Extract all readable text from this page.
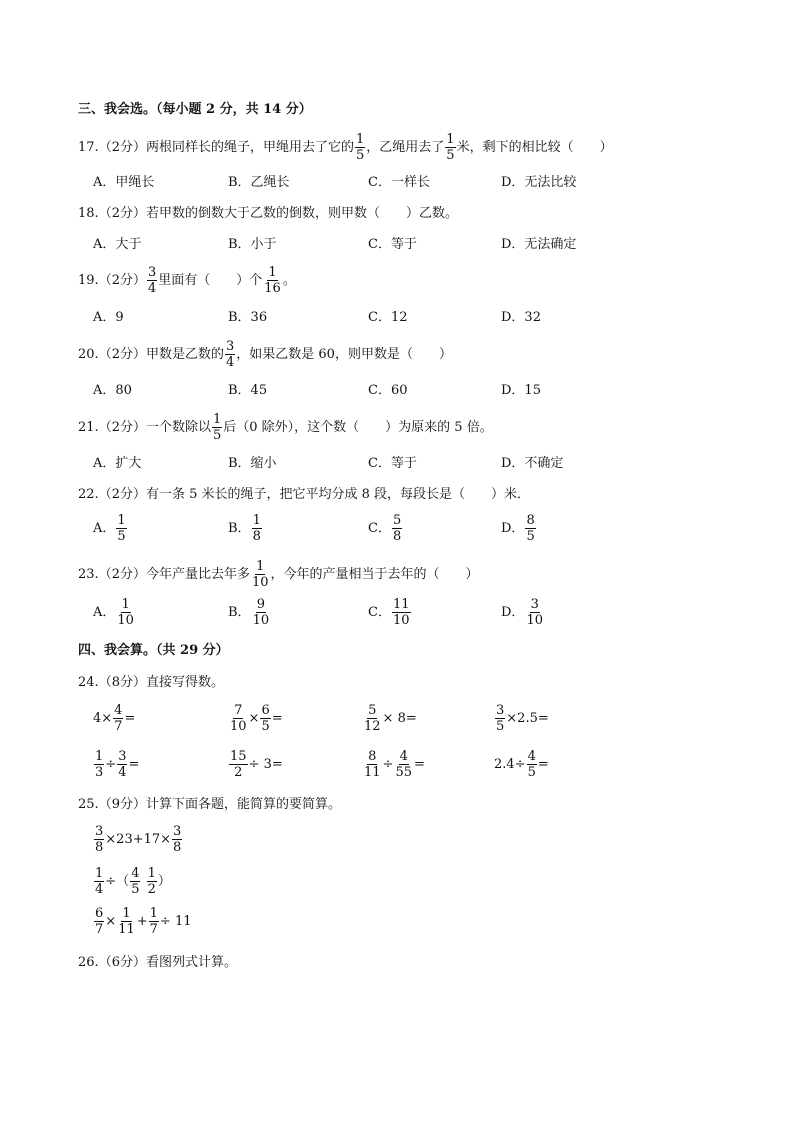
三、我会选。（每小题 2 分，共 14 分）
17. （2分） 两根同样长的绳子，甲绳用去了它的 $\frac{1}{5}$ ，乙绳用去了 $\frac{1}{5}$ 米，剩下的相比较（　　）
A．甲绳长	B．乙绳长	C．一样长	D．无法比较
18.（2分）若甲数的倒数大于乙数的倒数，则甲数（　　）乙数。
A．大于	B．小于	C．等于	D．无法确定
19. （2分） $\frac{3}{4}$ 里面有（　　）个 $\frac{1}{16}$ 。
A．9	B．36	C．12	D．32
20. （2分） 甲数是乙数的 $\frac{3}{4}$ ，如果乙数是 60，则甲数是（　　）
A．80	B．45	C．60	D．15
21. （2分） 一个数除以 $\frac{1}{5}$ 后（0 除外），这个数（　　）为原来的 5 倍。
A．扩大	B．缩小	C．等于	D．不确定
22.（2分）有一条 5 米长的绳子，把它平均分成 8 段，每段长是（　　）米．
A． $\frac{1}{5}$	B． $\frac{1}{8}$	C． $\frac{5}{8}$	D． $\frac{8}{5}$
23. （2分） 今年产量比去年多 $\frac{1}{10}$ ，今年的产量相当于去年的（　　）
A． $\frac{1}{10}$	B． $\frac{9}{10}$	C． $\frac{11}{10}$	D． $\frac{3}{10}$
四、我会算。（共 29 分）
24.（8分）直接写得数。
$4\times \frac{4}{7}$ =	$\frac{7}{10} \times \frac{6}{5}$ =	$\frac{5}{12} \times 8=$	$\frac{3}{5} \times 2.5=$
$\frac{1}{3} \div \frac{3}{4}$ =	$\frac{15}{2} \div 3=$	$\frac{8}{11} \div \frac{4}{55}$ =	$2.4\div \frac{4}{5}$ =
25.（9分）计算下面各题，能简算的要简算。
$\frac{3}{8} \times 23+17\times \frac{3}{8}$
$\frac{1}{4}$ ÷（ $\frac{4}{5}$
$\frac{1}{2}$ ）
$\frac{6}{7} \times \frac{1}{11} + \frac{1}{7} \div 11$
26.（6分）看图列式计算。
